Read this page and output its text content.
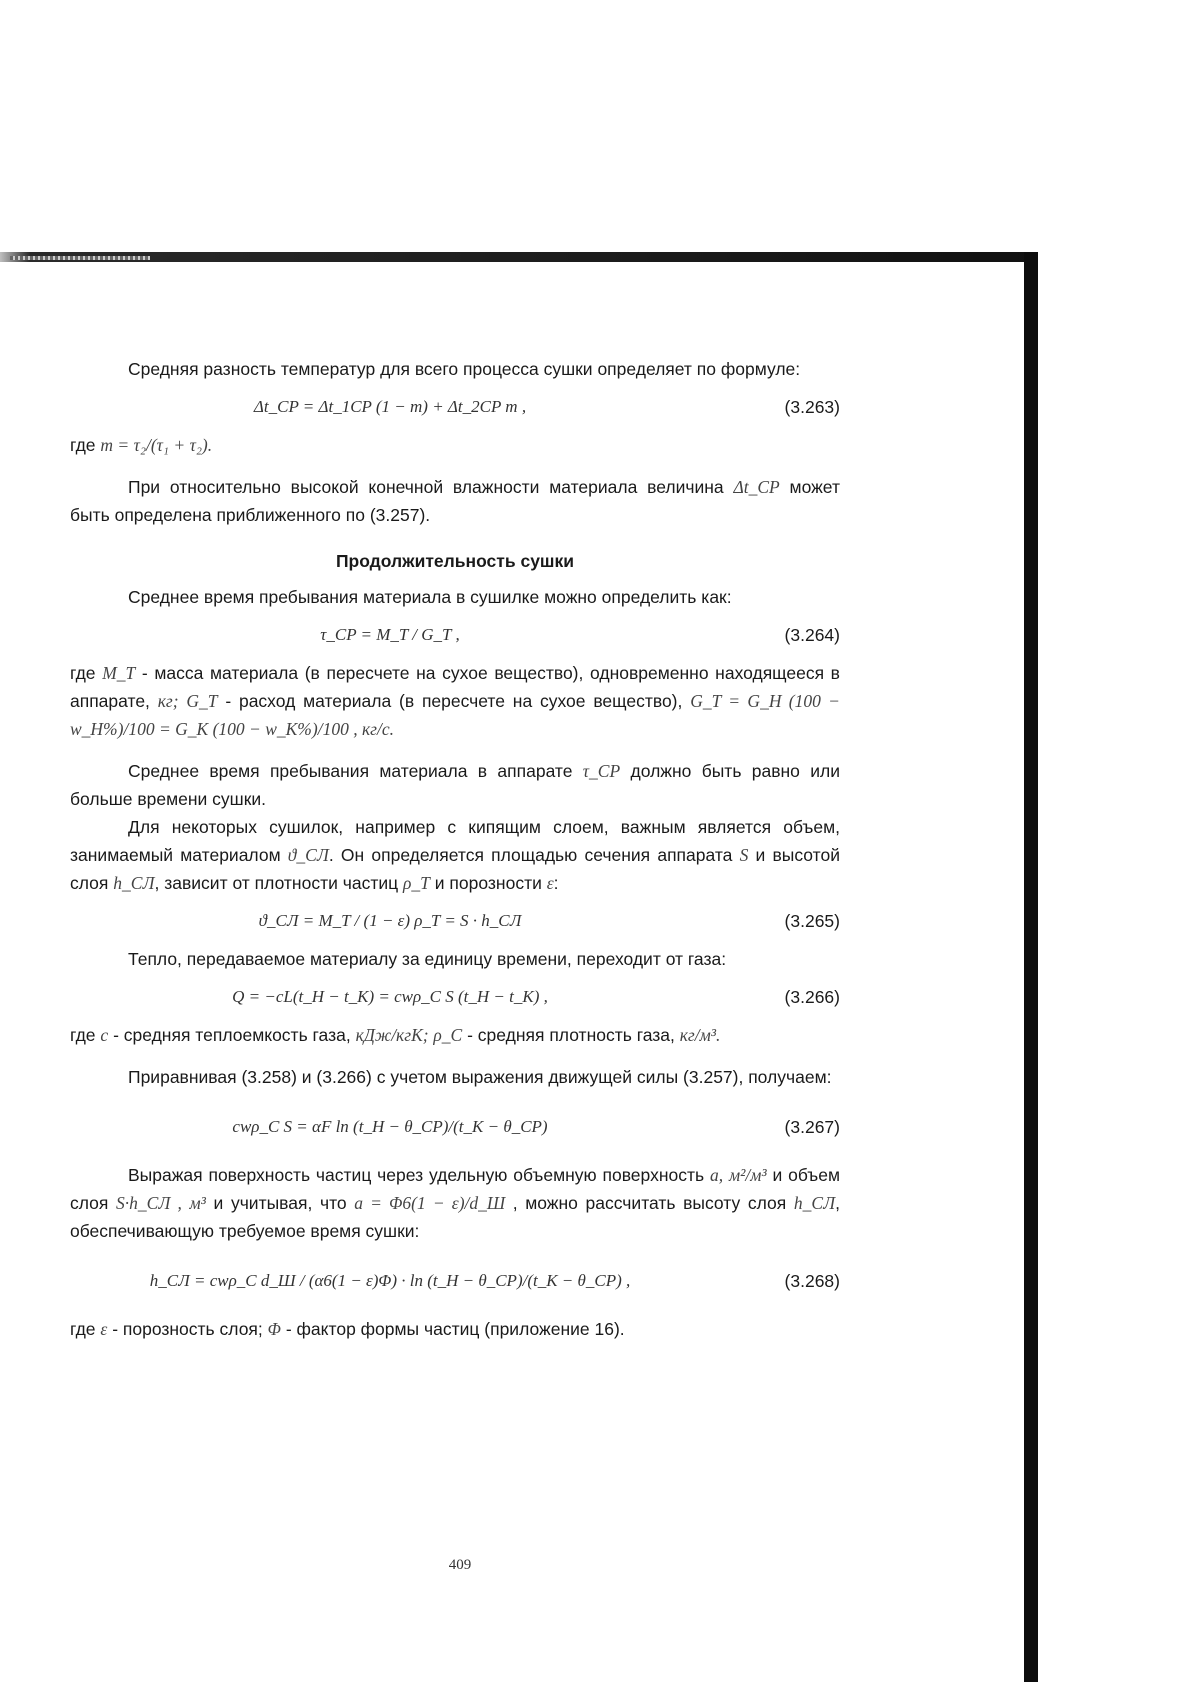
Средняя разность температур для всего процесса сушки определяет по формуле:

Δt_CP = Δt_1CP (1 − m) + Δt_2CP m ,	(3.263)

где m = τ₂/(τ₁ + τ₂).

При относительно высокой конечной влажности материала величина Δt_CP может быть определена приближенного по (3.257).

Продолжительность сушки

Среднее время пребывания материала в сушилке можно определить как:

τ_CP = M_T / G_T ,	(3.264)

где M_T - масса материала (в пересчете на сухое вещество), одновременно находящееся в аппарате, кг; G_T - расход материала (в пересчете на сухое вещество), G_T = G_H (100 − w_H%)/100 = G_K (100 − w_K%)/100 , кг/с.

Среднее время пребывания материала в аппарате τ_CP должно быть равно или больше времени сушки.

Для некоторых сушилок, например с кипящим слоем, важным является объем, занимаемый материалом ϑ_СЛ. Он определяется площадью сечения аппарата S и высотой слоя h_СЛ, зависит от плотности частиц ρ_T и порозности ε:

ϑ_СЛ = M_T / (1 − ε) ρ_T = S · h_СЛ	(3.265)

Тепло, передаваемое материалу за единицу времени, переходит от газа:

Q = −cL(t_H − t_K) = cwρ_C S (t_H − t_K) ,	(3.266)

где c - средняя теплоемкость газа, кДж/кгК; ρ_C - средняя плотность газа, кг/м³.

Приравнивая (3.258) и (3.266) с учетом выражения движущей силы (3.257), получаем:

cwρ_C S = αF ln (t_H − θ_CP)/(t_K − θ_CP)	(3.267)

Выражая поверхность частиц через удельную объемную поверхность a, м²/м³ и объем слоя S·h_СЛ , м³ и учитывая, что a = Φ6(1 − ε)/d_Ш , можно рассчитать высоту слоя h_СЛ, обеспечивающую требуемое время сушки:

h_СЛ = cwρ_C d_Ш / (α6(1 − ε)Φ) · ln (t_H − θ_CP)/(t_K − θ_CP) ,	(3.268)

где ε - порозность слоя; Φ - фактор формы частиц (приложение 16).

409
